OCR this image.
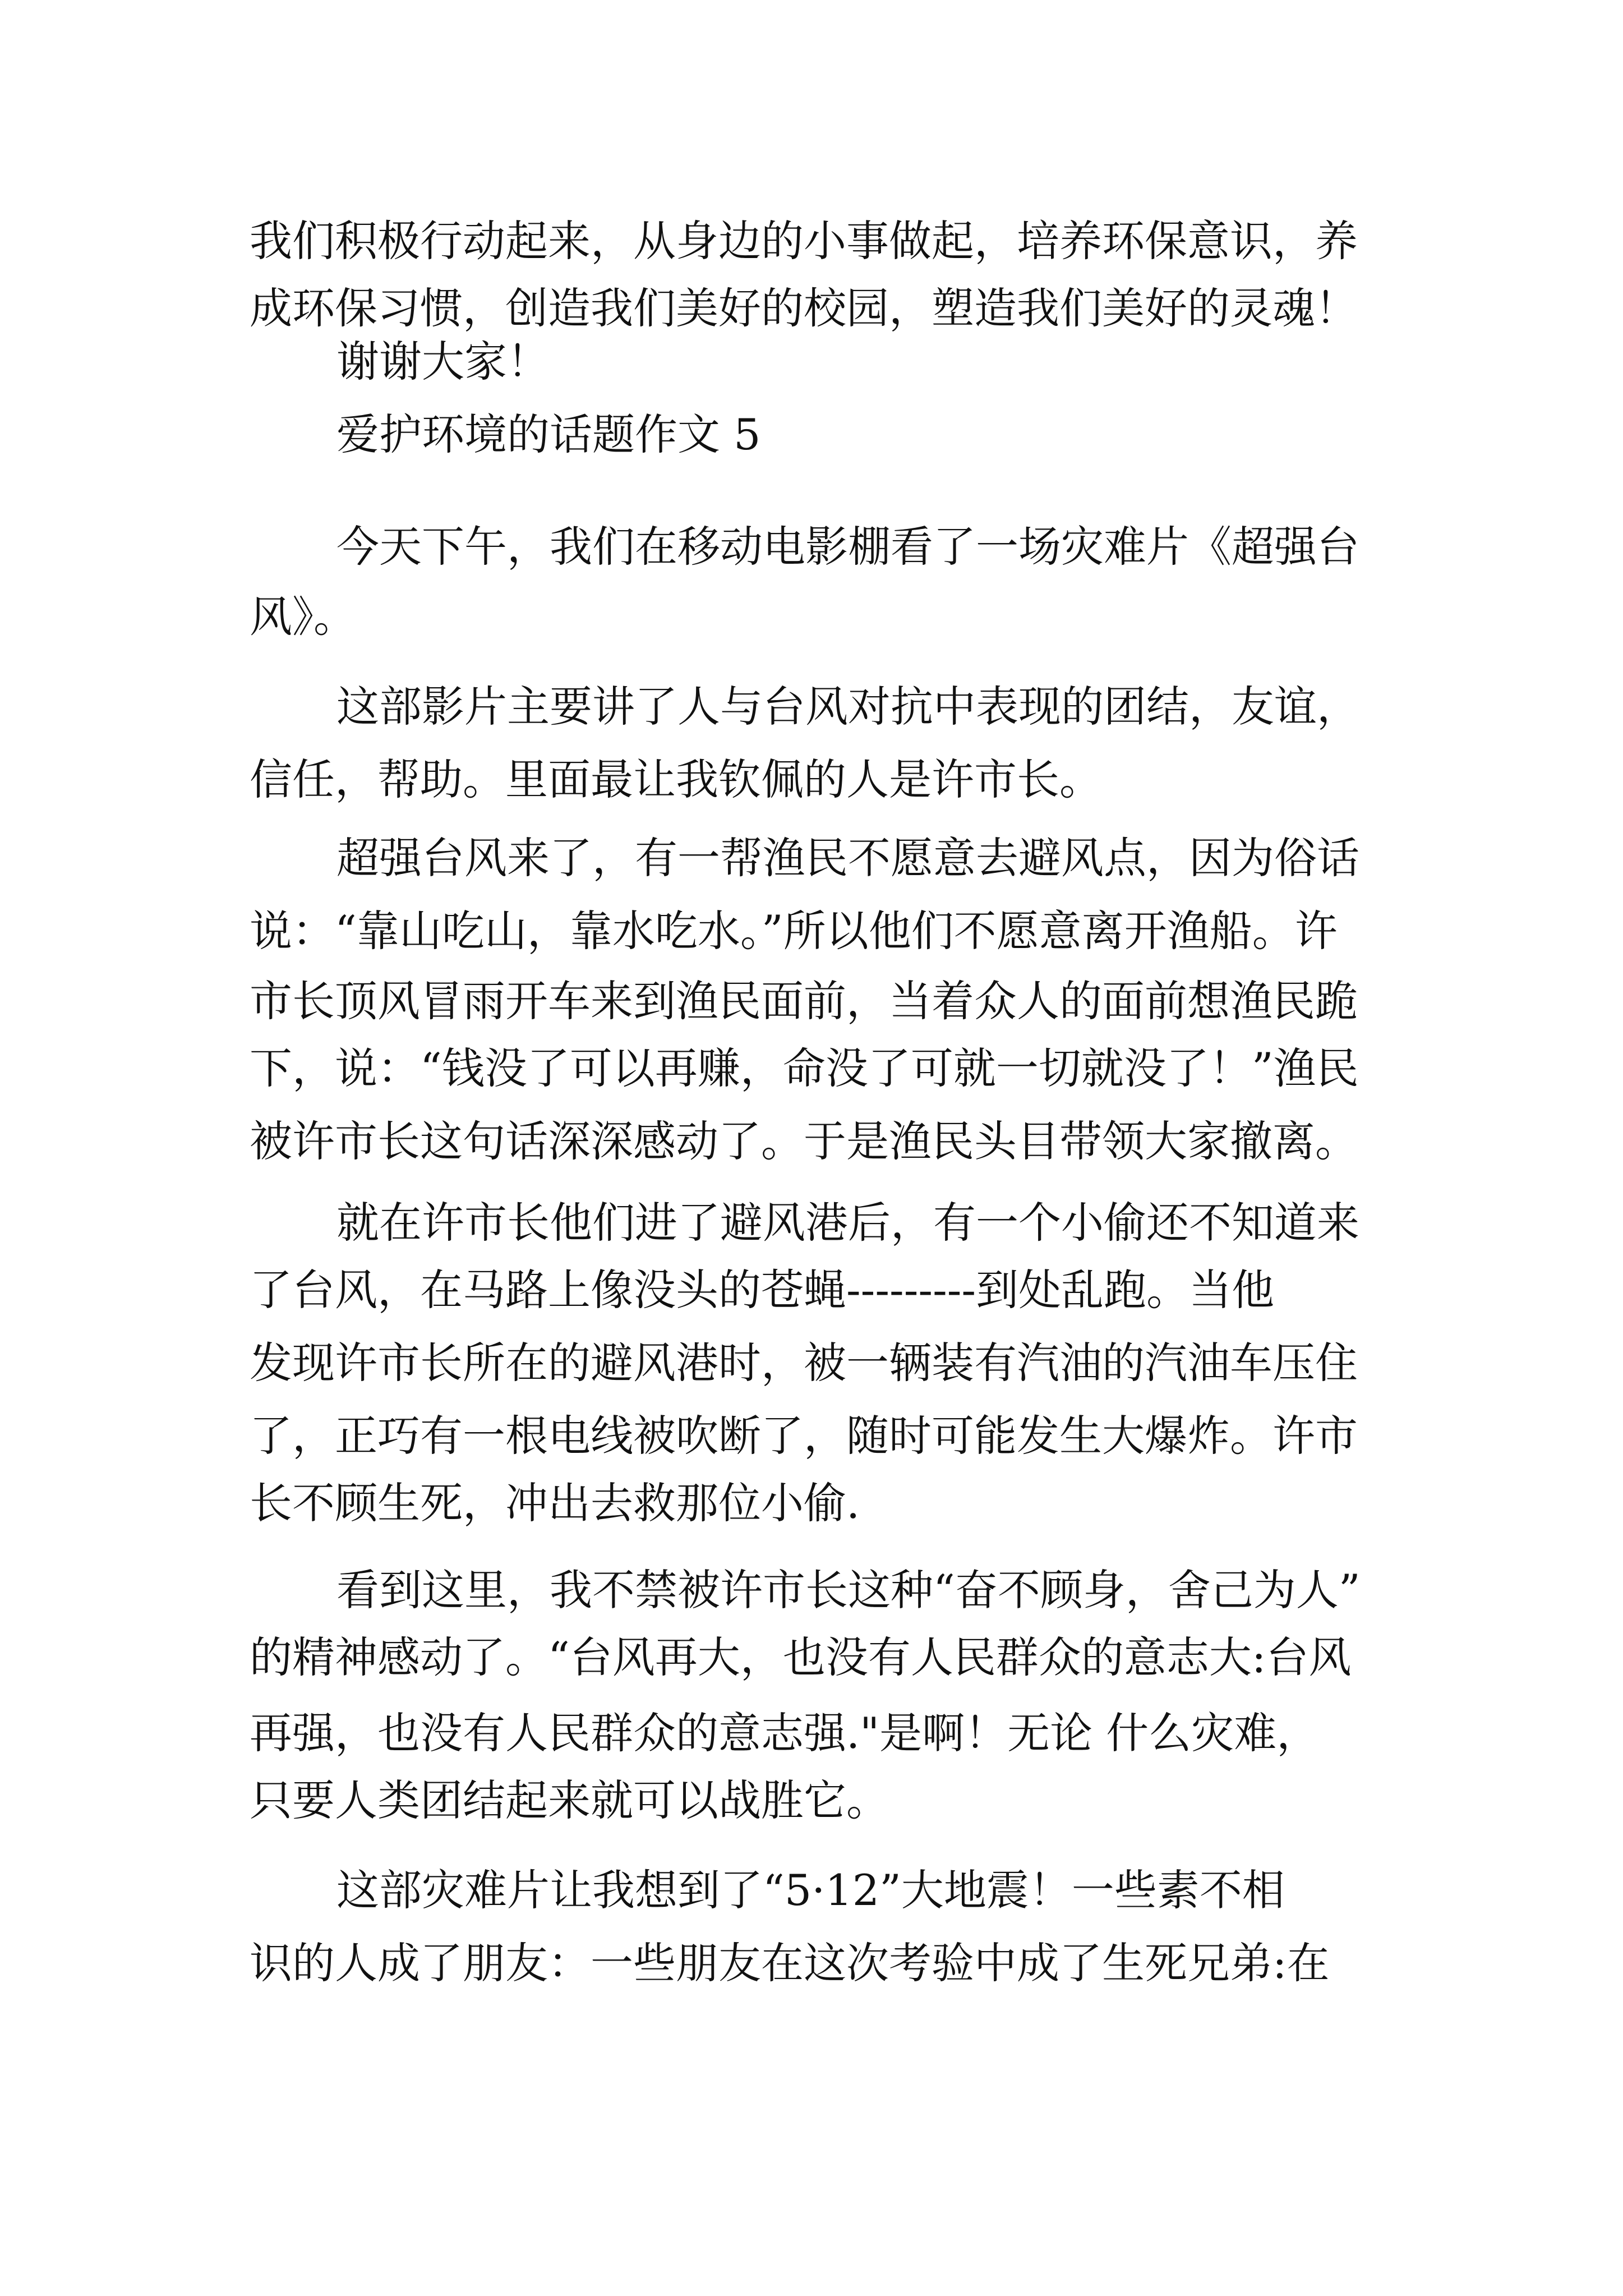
我们积极行动起来，从身边的小事做起，培养环保意识，养

成环保习惯，创造我们美好的校园，塑造我们美好的灵魂！

谢谢大家！

爱护环境的话题作文 5

今天下午，我们在移动电影棚看了一场灾难片《超强台

风》。

这部影片主要讲了人与台风对抗中表现的团结，友谊，

信任，帮助。里面最让我钦佩的人是许市长。

超强台风来了，有一帮渔民不愿意去避风点，因为俗话

说：“靠山吃山，靠水吃水。”所以他们不愿意离开渔船。许

市长顶风冒雨开车来到渔民面前，当着众人的面前想渔民跪

下，说：“钱没了可以再赚，命没了可就一切就没了！”渔民

被许市长这句话深深感动了。于是渔民头目带领大家撤离。

就在许市长他们进了避风港后，有一个小偷还不知道来

了台风，在马路上像没头的苍蝇---------到处乱跑。当他

发现许市长所在的避风港时，被一辆装有汽油的汽油车压住

了，正巧有一根电线被吹断了，随时可能发生大爆炸。许市

长不顾生死，冲出去救那位小偷.

看到这里，我不禁被许市长这种“奋不顾身，舍己为人”

的精神感动了。“台风再大，也没有人民群众的意志大:台风

再强，也没有人民群众的意志强."是啊！无论 什么灾难，

只要人类团结起来就可以战胜它。

这部灾难片让我想到了“5·12”大地震！一些素不相

识的人成了朋友：一些朋友在这次考验中成了生死兄弟:在
